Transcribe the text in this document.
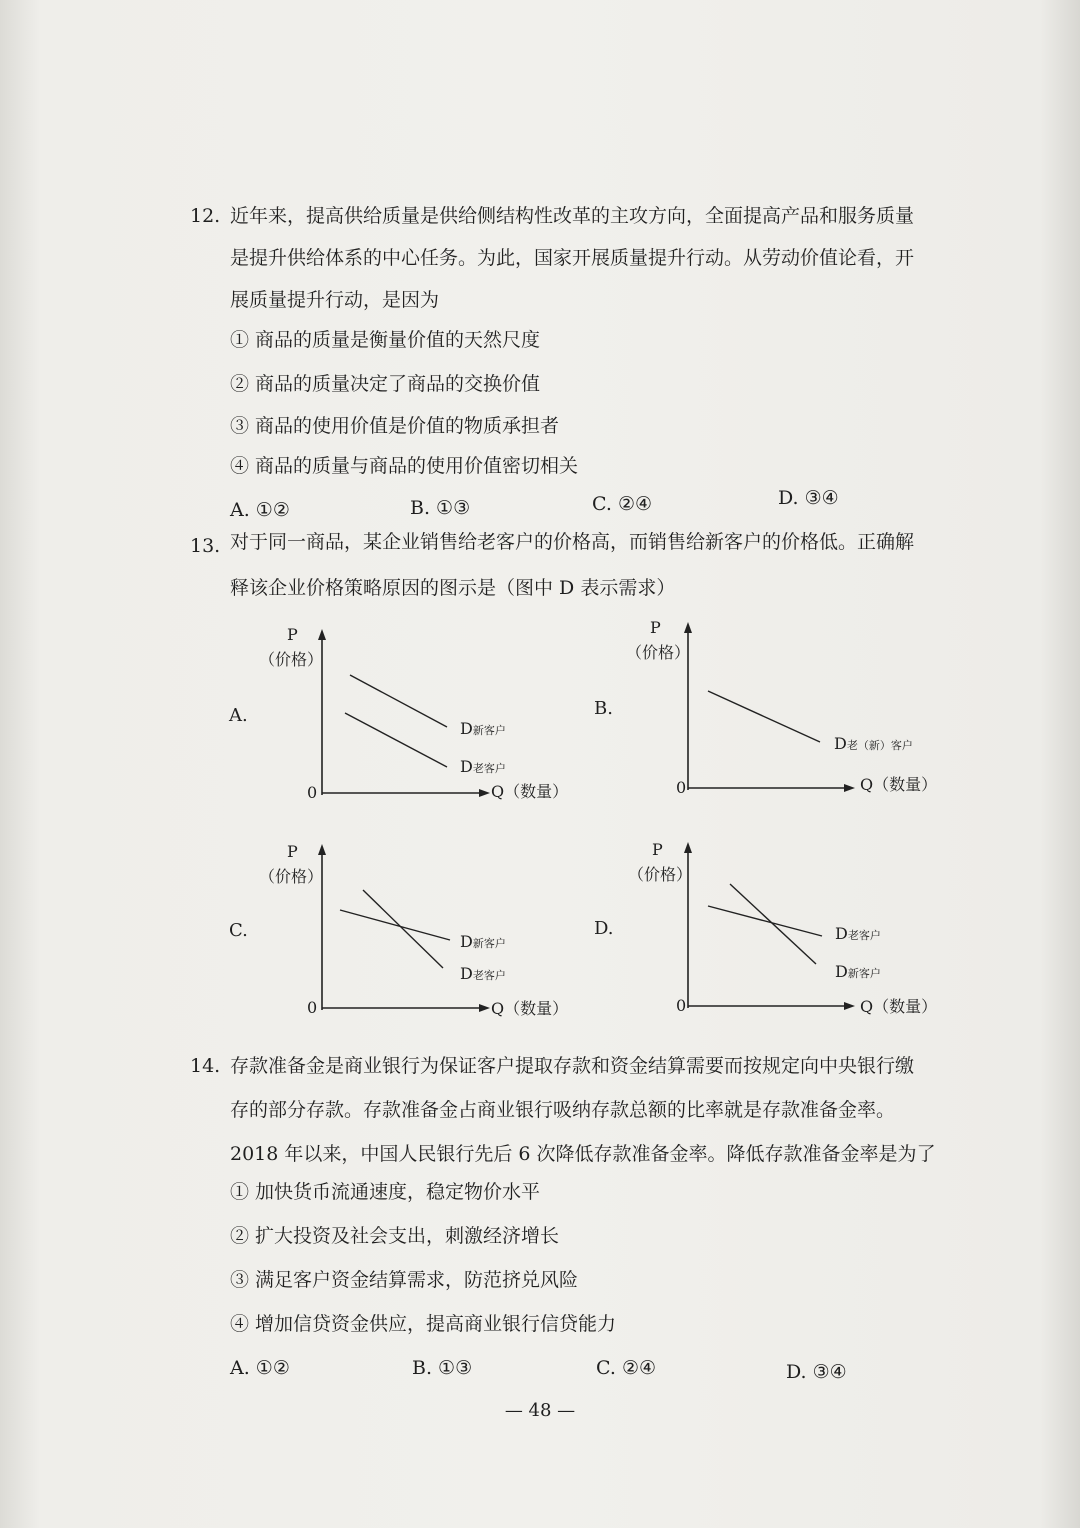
12. 近年来，提高供给质量是供给侧结构性改革的主攻方向，全面提高产品和服务质量
是提升供给体系的中心任务。为此，国家开展质量提升行动。从劳动价值论看，开
展质量提升行动，是因为
① 商品的质量是衡量价值的天然尺度
② 商品的质量决定了商品的交换价值
③ 商品的使用价值是价值的物质承担者
④ 商品的质量与商品的使用价值密切相关
A. ①②	B. ①③	C. ②④	D. ③④
13. 对于同一商品，某企业销售给老客户的价格高，而销售给新客户的价格低。正确解
释该企业价格策略原因的图示是（图中 D 表示需求）
P
（价格）
A.
0	Q（数量）
D新客户
D老客户
P
（价格）
B.
0	Q（数量）
D老（新）客户
P
（价格）
C.
0	Q（数量）
D新客户
D老客户
P
（价格）
D.
0	Q（数量）
D老客户
D新客户
14. 存款准备金是商业银行为保证客户提取存款和资金结算需要而按规定向中央银行缴
存的部分存款。存款准备金占商业银行吸纳存款总额的比率就是存款准备金率。
2018 年以来，中国人民银行先后 6 次降低存款准备金率。降低存款准备金率是为了
① 加快货币流通速度，稳定物价水平
② 扩大投资及社会支出，刺激经济增长
③ 满足客户资金结算需求，防范挤兑风险
④ 增加信贷资金供应，提高商业银行信贷能力
A. ①②	B. ①③	C. ②④	D. ③④
— 48 —
